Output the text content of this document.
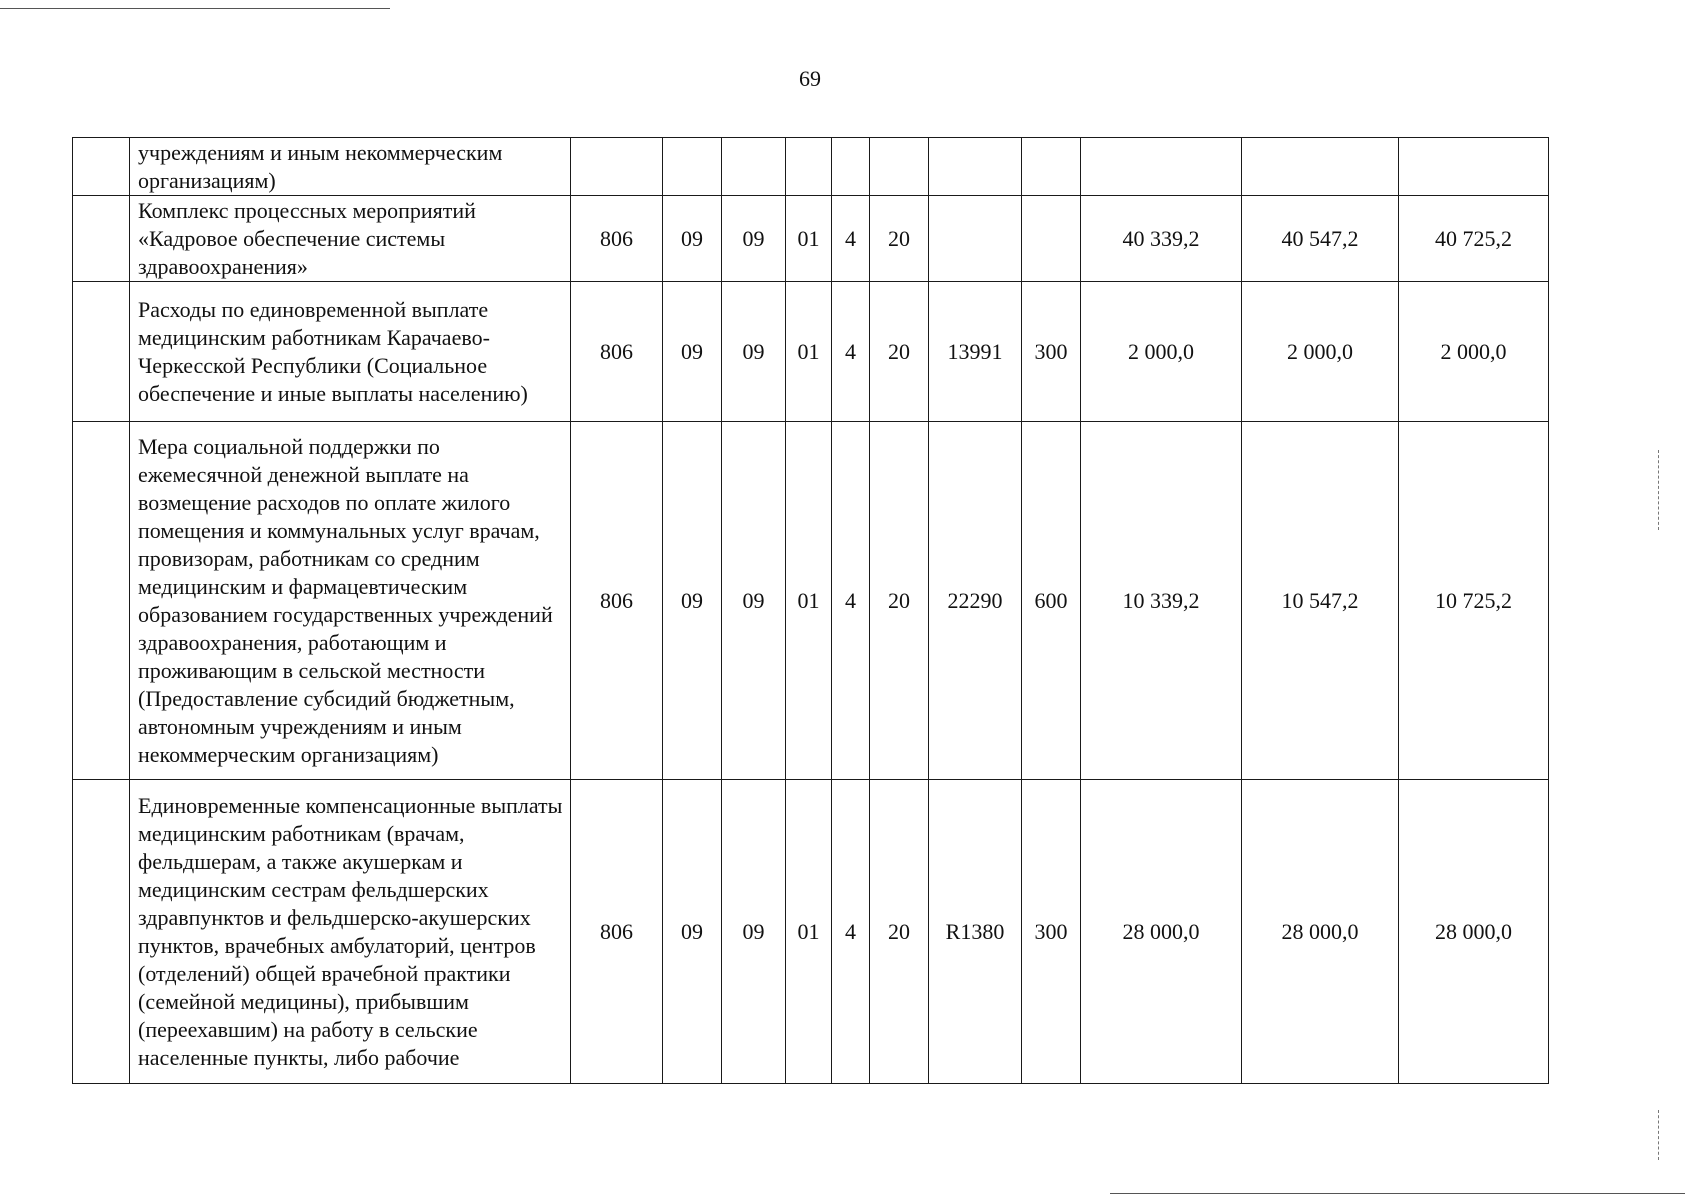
69
	учреждениям и иным некоммерческим организациям)											
	Комплекс процессных мероприятий «Кадровое обеспечение системы здравоохранения»	806	09	09	01	4	20			40 339,2	40 547,2	40 725,2
	Расходы по единовременной выплате медицинским работникам Карачаево-Черкесской Республики (Социальное обеспечение и иные выплаты населению)	806	09	09	01	4	20	13991	300	2 000,0	2 000,0	2 000,0
	Мера социальной поддержки по ежемесячной денежной выплате на возмещение расходов по оплате жилого помещения и коммунальных услуг врачам, провизорам, работникам со средним медицинским и фармацевтическим образованием государственных учреждений здравоохранения, работающим и проживающим в сельской местности (Предоставление субсидий бюджетным, автономным учреждениям и иным некоммерческим организациям)	806	09	09	01	4	20	22290	600	10 339,2	10 547,2	10 725,2
	Единовременные компенсационные выплаты медицинским работникам (врачам, фельдшерам, а также акушеркам и медицинским сестрам фельдшерских здравпунктов и фельдшерско-акушерских пунктов, врачебных амбулаторий, центров (отделений) общей врачебной практики (семейной медицины), прибывшим (переехавшим) на работу в сельские населенные пункты, либо рабочие	806	09	09	01	4	20	R1380	300	28 000,0	28 000,0	28 000,0
